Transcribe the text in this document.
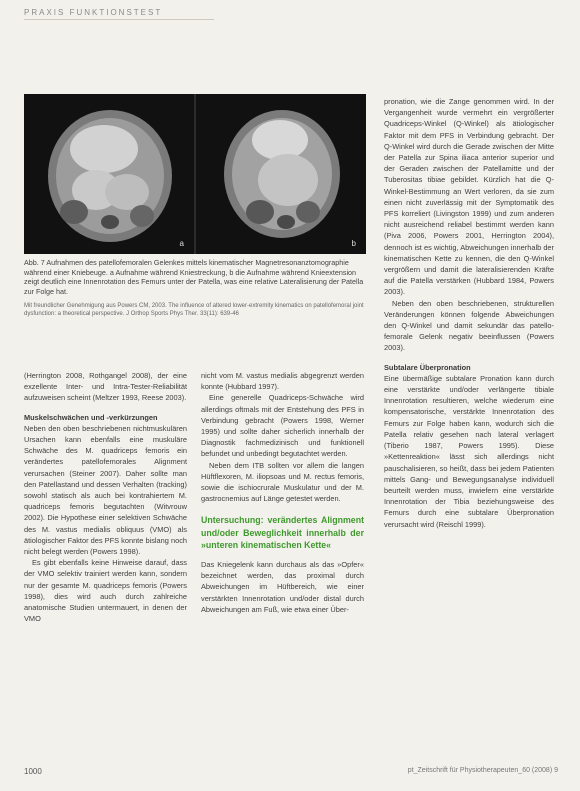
PRAXIS FUNKTIONSTEST
a	b

Abb. 7 Aufnahmen des patellofemoralen Gelenkes mittels kinematischer Magnetresonanztomographie während einer Kniebeuge. a Aufnahme während Kniestreckung, b die Aufnahme während Knieextension zeigt deutlich eine Innenrotation des Femurs unter der Patella, was eine relative Lateralisierung der Patella zur Folge hat.

Mit freundlicher Genehmigung aus Powers CM, 2003. The influence of altered lower-extremity kinematics on patellofemoral joint dysfunction: a theoretical perspective. J Orthop Sports Phys Ther. 33(11): 639-46

(Herrington 2008, Rothgangel 2008), der eine exzellente Inter- und Intra-Tester-Reliabilität aufzuweisen scheint (Meltzer 1993, Reese 2003).

Muskelschwächen und -verkürzungen

Neben den oben beschriebenen nichtmuskulären Ursachen kann ebenfalls eine muskuläre Schwäche des M. quadriceps femoris ein verändertes patellofemorales Alignment verursachen (Steiner 2007). Daher sollte man den Patellastand und dessen Verhalten (tracking) sowohl statisch als auch bei kontrahiertem M. quadriceps femoris begutachten (Witvrouw 2002). Die Hypothese einer selektiven Schwäche des M. vastus medialis obliquus (VMO) als ätiologischer Faktor des PFS konnte bislang noch nicht belegt werden (Powers 1998).

Es gibt ebenfalls keine Hinweise darauf, dass der VMO selektiv trainiert werden kann, sondern nur der gesamte M. quadriceps femoris (Powers 1998), dies wird auch durch zahlreiche anatomische Studien untermauert, in denen der VMO

nicht vom M. vastus medialis abgegrenzt werden konnte (Hubbard 1997).

Eine generelle Quadriceps-Schwäche wird allerdings oftmals mit der Entstehung des PFS in Verbindung gebracht (Powers 1998, Werner 1995) und sollte daher sicherlich innerhalb der Diagnostik fachmedizinisch und funktionell befundet und unbedingt begutachtet werden.

Neben dem ITB sollten vor allem die langen Hüftflexoren, M. iliopsoas und M. rectus femoris, sowie die ischiocrurale Muskulatur und der M. gastrocnemius auf Länge getestet werden.

Untersuchung: verändertes Alignment und/oder Beweglichkeit innerhalb der »unteren kinematischen Kette«

Das Kniegelenk kann durchaus als das »Opfer« bezeichnet werden, das proximal durch Abweichungen im Hüftbereich, wie einer verstärkten Innenrotation und/oder distal durch Abweichungen am Fuß, wie etwa einer Über-

pronation, wie die Zange genommen wird. In der Vergangenheit wurde vermehrt ein vergrößerter Quadriceps-Winkel (Q-Winkel) als ätiologischer Faktor mit dem PFS in Verbindung gebracht. Der Q-Winkel wird durch die Gerade zwischen der Mitte der Patella zur Spina iliaca anterior superior und der Geraden zwischen der Patellamitte und der Tuberositas tibiae gebildet. Kürzlich hat die Q-Winkel-Bestimmung an Wert verloren, da sie zum einen nicht zuverlässig mit der Symptomatik des PFS korreliert (Livingston 1999) und zum anderen nicht ausreichend reliabel bestimmt werden kann (Piva 2006, Powers 2001, Herrington 2004), dennoch ist es wichtig, Abweichungen innerhalb der kinematischen Kette zu kennen, die den Q-Winkel vergrößern und damit die lateralisierenden Kräfte auf die Patella verstärken (Hubbard 1984, Powers 2003).

Neben den oben beschriebenen, strukturellen Veränderungen können folgende Abweichungen den Q-Winkel und damit sekundär das patello-femorale Gelenk negativ beeinflussen (Powers 2003).

Subtalare Überpronation

Eine übermäßige subtalare Pronation kann durch eine verstärkte und/oder verlängerte tibiale Innenrotation resultieren, welche wiederum eine kompensatorische, verstärkte Innenrotation des Femurs zur Folge haben kann, wodurch sich die Patella relativ gesehen nach lateral verlagert (Tiberio 1987, Powers 1995). Diese »Kettenreaktion« lässt sich allerdings nicht pauschalisieren, so heißt, dass bei jedem Patienten mittels Gang- und Bewegungsanalyse individuell beurteilt werden muss, inwiefern eine verstärkte Innenrotation der Tibia beziehungsweise des Femurs durch eine subtalare Überpronation verursacht wird (Reischl 1999).

1000	pt_Zeitschrift für Physiotherapeuten_60 (2008) 9
